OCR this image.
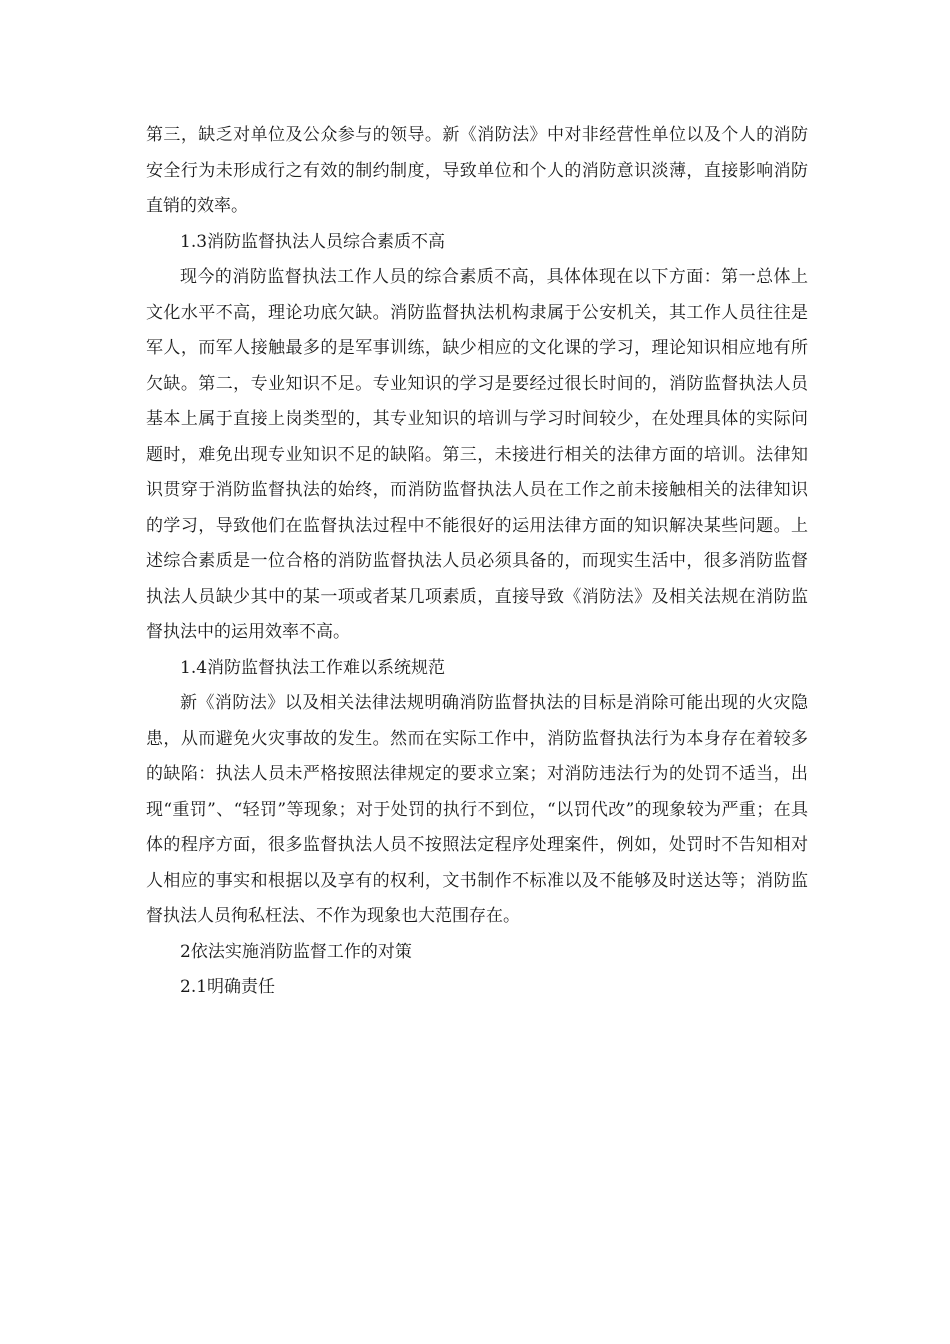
第三，缺乏对单位及公众参与的领导。新《消防法》中对非经营性单位以及个人的消防安全行为未形成行之有效的制约制度，导致单位和个人的消防意识淡薄，直接影响消防直销的效率。

1.3消防监督执法人员综合素质不高

现今的消防监督执法工作人员的综合素质不高，具体体现在以下方面：第一总体上文化水平不高，理论功底欠缺。消防监督执法机构隶属于公安机关，其工作人员往往是军人，而军人接触最多的是军事训练，缺少相应的文化课的学习，理论知识相应地有所欠缺。第二，专业知识不足。专业知识的学习是要经过很长时间的，消防监督执法人员基本上属于直接上岗类型的，其专业知识的培训与学习时间较少，在处理具体的实际问题时，难免出现专业知识不足的缺陷。第三，未接进行相关的法律方面的培训。法律知识贯穿于消防监督执法的始终，而消防监督执法人员在工作之前未接触相关的法律知识的学习，导致他们在监督执法过程中不能很好的运用法律方面的知识解决某些问题。上述综合素质是一位合格的消防监督执法人员必须具备的，而现实生活中，很多消防监督执法人员缺少其中的某一项或者某几项素质，直接导致《消防法》及相关法规在消防监督执法中的运用效率不高。

1.4消防监督执法工作难以系统规范

新《消防法》以及相关法律法规明确消防监督执法的目标是消除可能出现的火灾隐患，从而避免火灾事故的发生。然而在实际工作中，消防监督执法行为本身存在着较多的缺陷：执法人员未严格按照法律规定的要求立案；对消防违法行为的处罚不适当，出现“重罚”、“轻罚”等现象；对于处罚的执行不到位，“以罚代改”的现象较为严重；在具体的程序方面，很多监督执法人员不按照法定程序处理案件，例如，处罚时不告知相对人相应的事实和根据以及享有的权利，文书制作不标准以及不能够及时送达等；消防监督执法人员徇私枉法、不作为现象也大范围存在。

2依法实施消防监督工作的对策

2.1明确责任
